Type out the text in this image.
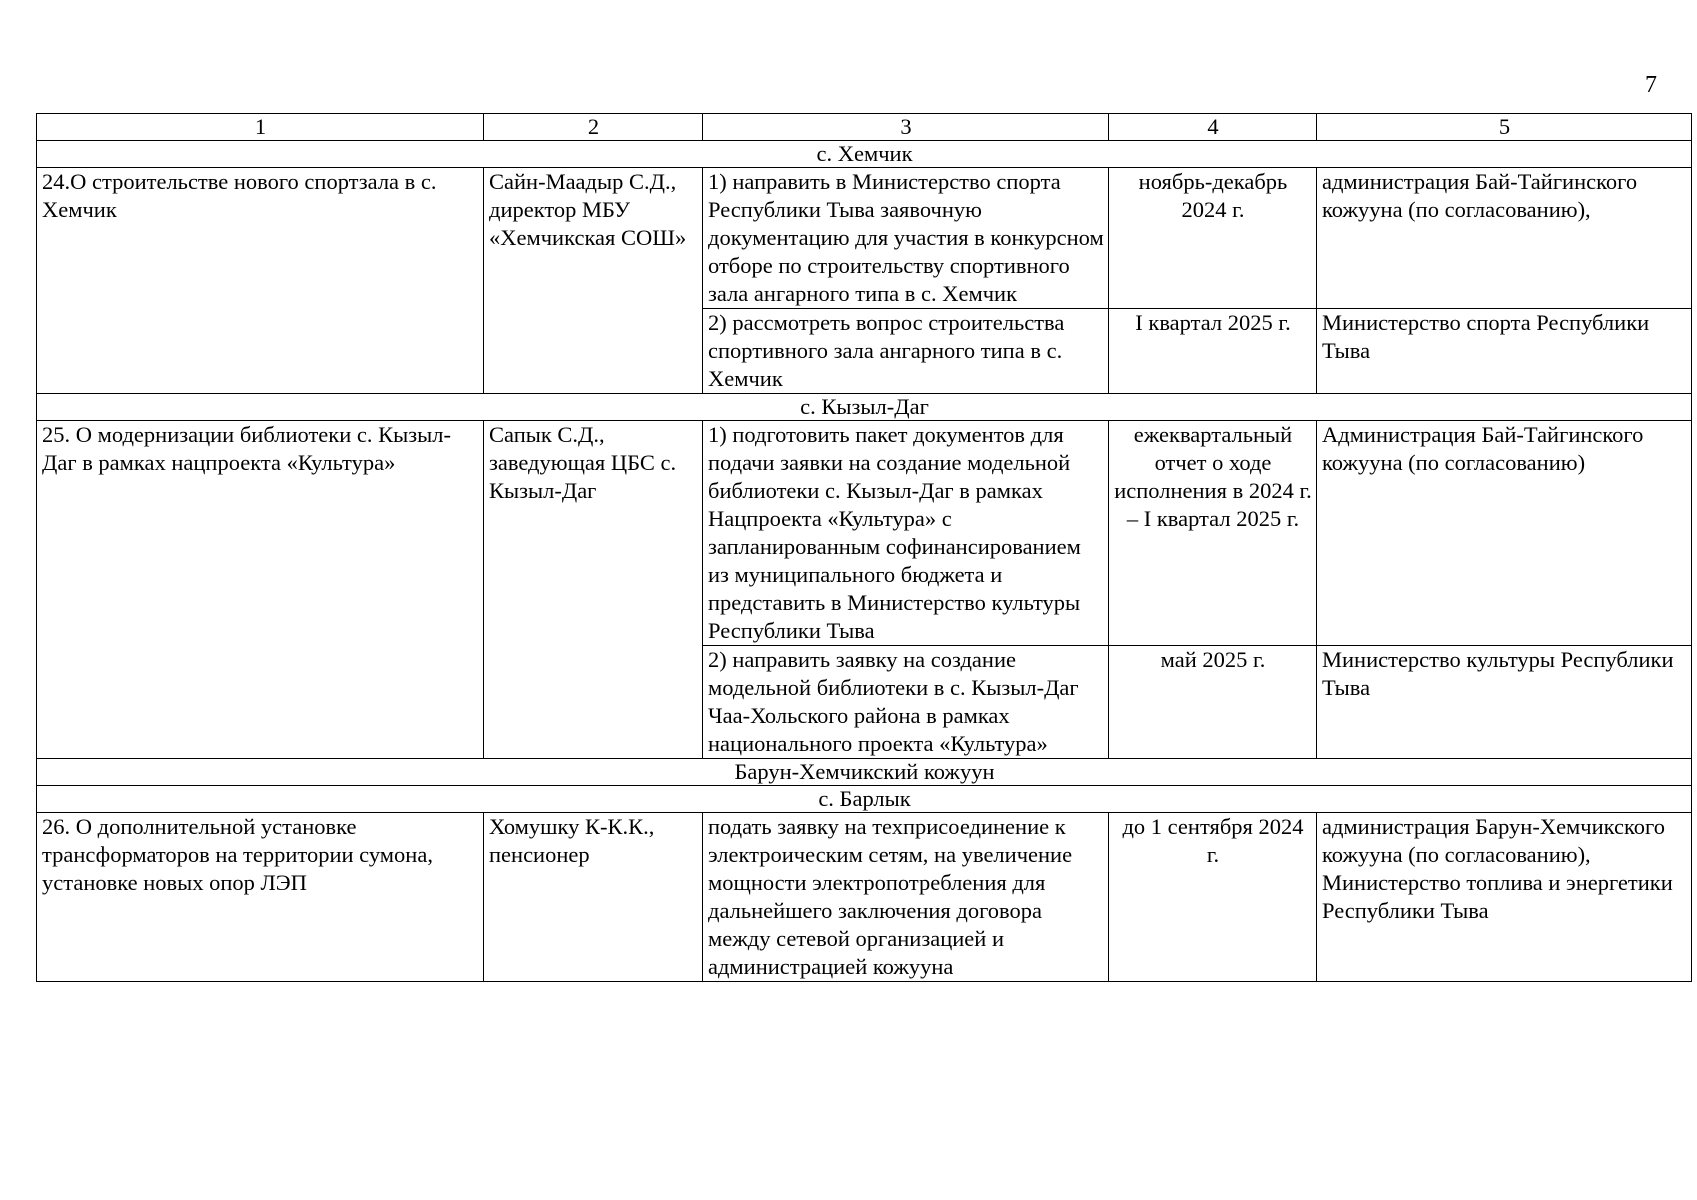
7
1	2	3	4	5
с. Хемчик				
24.О строительстве нового спортзала в с. Хемчик	Сайн-Маадыр С.Д., директор МБУ «Хемчикская СОШ»	1) направить в Министерство спорта Республики Тыва заявочную документацию для участия в конкурсном отборе по строительству спортивного зала ангарного типа в с. Хемчик	ноябрь-декабрь 2024 г.	администрация Бай-Тайгинского кожууна (по согласованию),
		2) рассмотреть вопрос строительства спортивного зала ангарного типа в с. Хемчик	I квартал 2025 г.	Министерство спорта Республики Тыва
с. Кызыл-Даг				
25. О модернизации библиотеки с. Кызыл-Даг в рамках нацпроекта «Культура»	Сапык С.Д., заведующая ЦБС с. Кызыл-Даг	1) подготовить пакет документов для подачи заявки на создание модельной библиотеки с. Кызыл-Даг в рамках Нацпроекта «Культура» с запланированным софинансированием из муниципального бюджета и представить в Министерство культуры Республики Тыва	ежеквартальный отчет о ходе исполнения в 2024 г. – I квартал 2025 г.	Администрация Бай-Тайгинского кожууна (по согласованию)
		2) направить заявку на создание модельной библиотеки в с. Кызыл-Даг Чаа-Хольского района в рамках национального проекта «Культура»	май 2025 г.	Министерство культуры Республики Тыва
Барун-Хемчикский кожуун				
с. Барлык				
26. О дополнительной установке трансформаторов на территории сумона, установке новых опор ЛЭП	Хомушку К-К.К., пенсионер	подать заявку на техприсоединение к электроическим сетям, на увеличение мощности электропотребления для дальнейшего заключения договора между сетевой организацией и администрацией кожууна	до 1 сентября 2024 г.	администрация Барун-Хемчикского кожууна (по согласованию), Министерство топлива и энергетики Республики Тыва
